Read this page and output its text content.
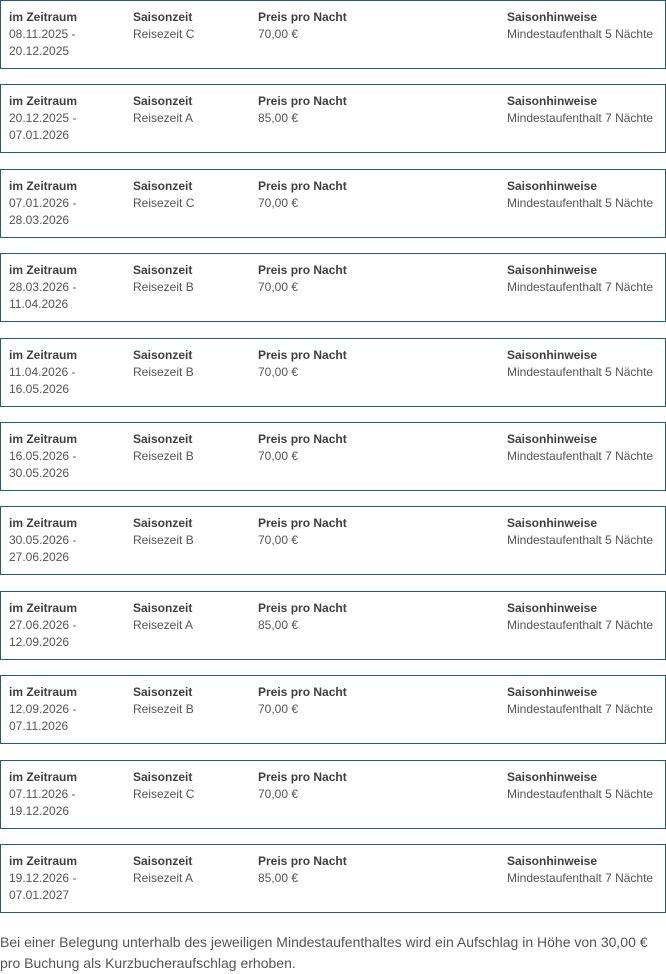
im Zeitraum
08.11.2025 -
20.12.2025
Saisonzeit
Reisezeit C
Preis pro Nacht
70,00 €
Saisonhinweise
Mindestaufenthalt 5 Nächte
im Zeitraum
20.12.2025 -
07.01.2026
Saisonzeit
Reisezeit A
Preis pro Nacht
85,00 €
Saisonhinweise
Mindestaufenthalt 7 Nächte
im Zeitraum
07.01.2026 -
28.03.2026
Saisonzeit
Reisezeit C
Preis pro Nacht
70,00 €
Saisonhinweise
Mindestaufenthalt 5 Nächte
im Zeitraum
28.03.2026 -
11.04.2026
Saisonzeit
Reisezeit B
Preis pro Nacht
70,00 €
Saisonhinweise
Mindestaufenthalt 7 Nächte
im Zeitraum
11.04.2026 -
16.05.2026
Saisonzeit
Reisezeit B
Preis pro Nacht
70,00 €
Saisonhinweise
Mindestaufenthalt 5 Nächte
im Zeitraum
16.05.2026 -
30.05.2026
Saisonzeit
Reisezeit B
Preis pro Nacht
70,00 €
Saisonhinweise
Mindestaufenthalt 7 Nächte
im Zeitraum
30.05.2026 -
27.06.2026
Saisonzeit
Reisezeit B
Preis pro Nacht
70,00 €
Saisonhinweise
Mindestaufenthalt 5 Nächte
im Zeitraum
27.06.2026 -
12.09.2026
Saisonzeit
Reisezeit A
Preis pro Nacht
85,00 €
Saisonhinweise
Mindestaufenthalt 7 Nächte
im Zeitraum
12.09.2026 -
07.11.2026
Saisonzeit
Reisezeit B
Preis pro Nacht
70,00 €
Saisonhinweise
Mindestaufenthalt 7 Nächte
im Zeitraum
07.11.2026 -
19.12.2026
Saisonzeit
Reisezeit C
Preis pro Nacht
70,00 €
Saisonhinweise
Mindestaufenthalt 5 Nächte
im Zeitraum
19.12.2026 -
07.01.2027
Saisonzeit
Reisezeit A
Preis pro Nacht
85,00 €
Saisonhinweise
Mindestaufenthalt 7 Nächte

Bei einer Belegung unterhalb des jeweiligen Mindestaufenthaltes wird ein Aufschlag in Höhe von 30,00 € pro Buchung als Kurzbucheraufschlag erhoben.
